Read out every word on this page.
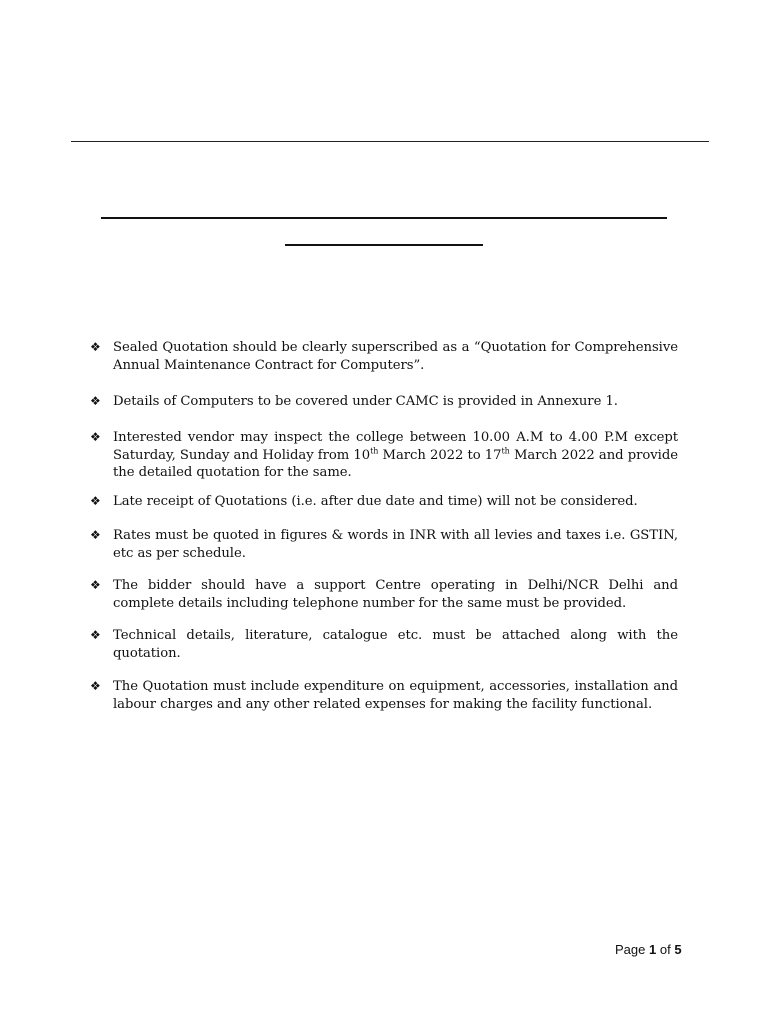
❖ Sealed Quotation should be clearly superscribed as a “Quotation for Comprehensive Annual Maintenance Contract for Computers”.
❖ Details of Computers to be covered under CAMC is provided in Annexure 1.
❖ Interested vendor may inspect the college between 10.00 A.M to 4.00 P.M except Saturday, Sunday and Holiday from 10th March 2022 to 17th March 2022 and provide the detailed quotation for the same.
❖ Late receipt of Quotations (i.e. after due date and time) will not be considered.
❖ Rates must be quoted in figures & words in INR with all levies and taxes i.e. GSTIN, etc as per schedule.
❖ The bidder should have a support Centre operating in Delhi/NCR Delhi and complete details including telephone number for the same must be provided.
❖ Technical details, literature, catalogue etc. must be attached along with the quotation.
❖ The Quotation must include expenditure on equipment, accessories, installation and labour charges and any other related expenses for making the facility functional.
Page 1 of 5
